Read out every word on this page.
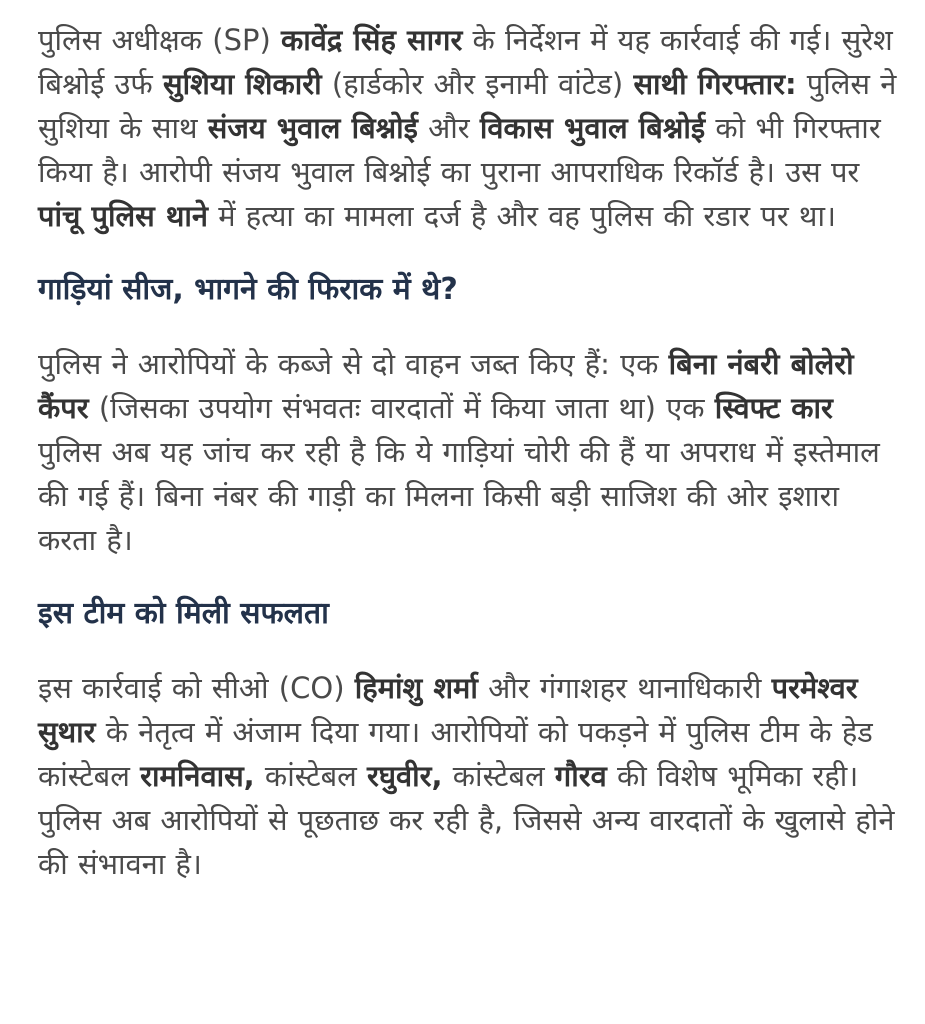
पुलिस अधीक्षक (SP) कावेंद्र सिंह सागर के निर्देशन में यह कार्रवाई की गई। सुरेश बिश्नोई उर्फ सुशिया शिकारी (हार्डकोर और इनामी वांटेड) साथी गिरफ्तार: पुलिस ने सुशिया के साथ संजय भुवाल बिश्नोई और विकास भुवाल बिश्नोई को भी गिरफ्तार किया है। आरोपी संजय भुवाल बिश्नोई का पुराना आपराधिक रिकॉर्ड है। उस पर पांचू पुलिस थाने में हत्या का मामला दर्ज है और वह पुलिस की रडार पर था।

गाड़ियां सीज, भागने की फिराक में थे?

पुलिस ने आरोपियों के कब्जे से दो वाहन जब्त किए हैं: एक बिना नंबरी बोलेरो कैंपर (जिसका उपयोग संभवतः वारदातों में किया जाता था) एक स्विफ्ट कार पुलिस अब यह जांच कर रही है कि ये गाड़ियां चोरी की हैं या अपराध में इस्तेमाल की गई हैं। बिना नंबर की गाड़ी का मिलना किसी बड़ी साजिश की ओर इशारा करता है।

इस टीम को मिली सफलता

इस कार्रवाई को सीओ (CO) हिमांशु शर्मा और गंगाशहर थानाधिकारी परमेश्वर सुथार के नेतृत्व में अंजाम दिया गया। आरोपियों को पकड़ने में पुलिस टीम के हेड
कांस्टेबल रामनिवास, कांस्टेबल रघुवीर, कांस्टेबल गौरव की विशेष भूमिका रही। पुलिस अब आरोपियों से पूछताछ कर रही है, जिससे अन्य वारदातों के खुलासे होने की संभावना है।
